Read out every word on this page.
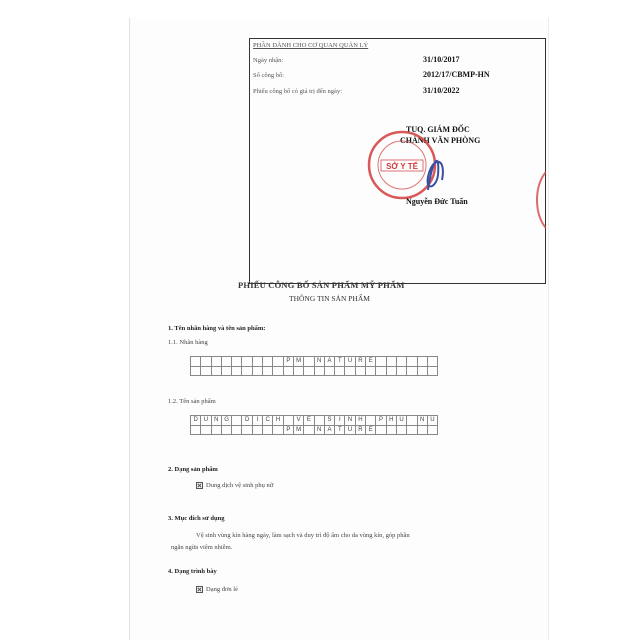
PHẦN DÀNH CHO CƠ QUAN QUẢN LÝ
Ngày nhận:	31/10/2017
Số công bố:	2012/17/CBMP-HN
Phiếu công bố có giá trị đến ngày:	31/10/2022
TUQ. GIÁM ĐỐC
CHÁNH VĂN PHÒNG
SỞ Y TẾ
Nguyễn Đức Tuấn
PHIẾU CÔNG BỐ SẢN PHẨM MỸ PHẨM
THÔNG TIN SẢN PHẨM
1. Tên nhãn hàng và tên sản phẩm:
1.1. Nhãn hàng
									P	M		N	A	T	U	R	E						

1.2. Tên sản phẩm
D	U	N	G		D	I	C	H		V	E		S	I	N	H		P	H	U		N	U
									P	M		N	A	T	U	R	E						
2. Dạng sản phẩm
Dung dịch vệ sinh phụ nữ
3. Mục đích sử dụng
Vệ sinh vùng kín hàng ngày, làm sạch và duy trì độ ẩm cho da vùng kín, góp phần
ngăn ngừa viêm nhiễm.
4. Dạng trình bày
Dạng đơn lẻ
